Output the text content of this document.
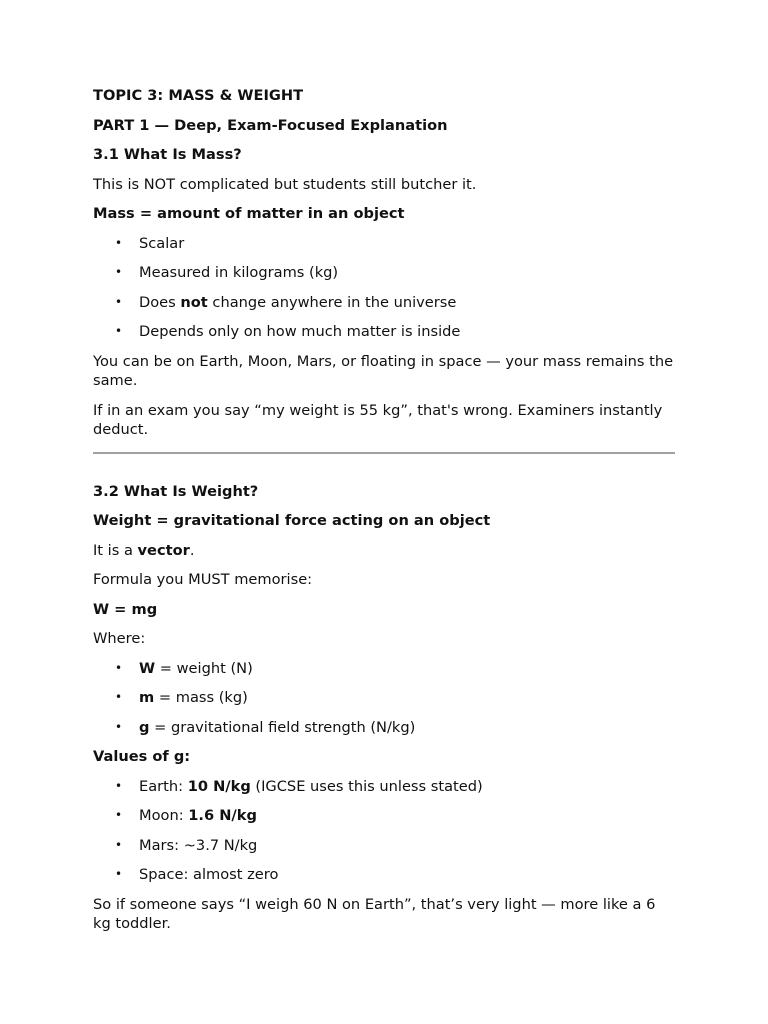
TOPIC 3: MASS & WEIGHT

PART 1 — Deep, Exam-Focused Explanation

3.1 What Is Mass?

This is NOT complicated but students still butcher it.

Mass = amount of matter in an object

• Scalar
• Measured in kilograms (kg)
• Does not change anywhere in the universe
• Depends only on how much matter is inside

You can be on Earth, Moon, Mars, or floating in space — your mass remains the same.

If in an exam you say “my weight is 55 kg”, that's wrong. Examiners instantly deduct.

3.2 What Is Weight?

Weight = gravitational force acting on an object

It is a vector.

Formula you MUST memorise:

W = mg

Where:

• W = weight (N)
• m = mass (kg)
• g = gravitational field strength (N/kg)

Values of g:

• Earth: 10 N/kg (IGCSE uses this unless stated)
• Moon: 1.6 N/kg
• Mars: ~3.7 N/kg
• Space: almost zero

So if someone says “I weigh 60 N on Earth”, that’s very light — more like a 6 kg toddler.
